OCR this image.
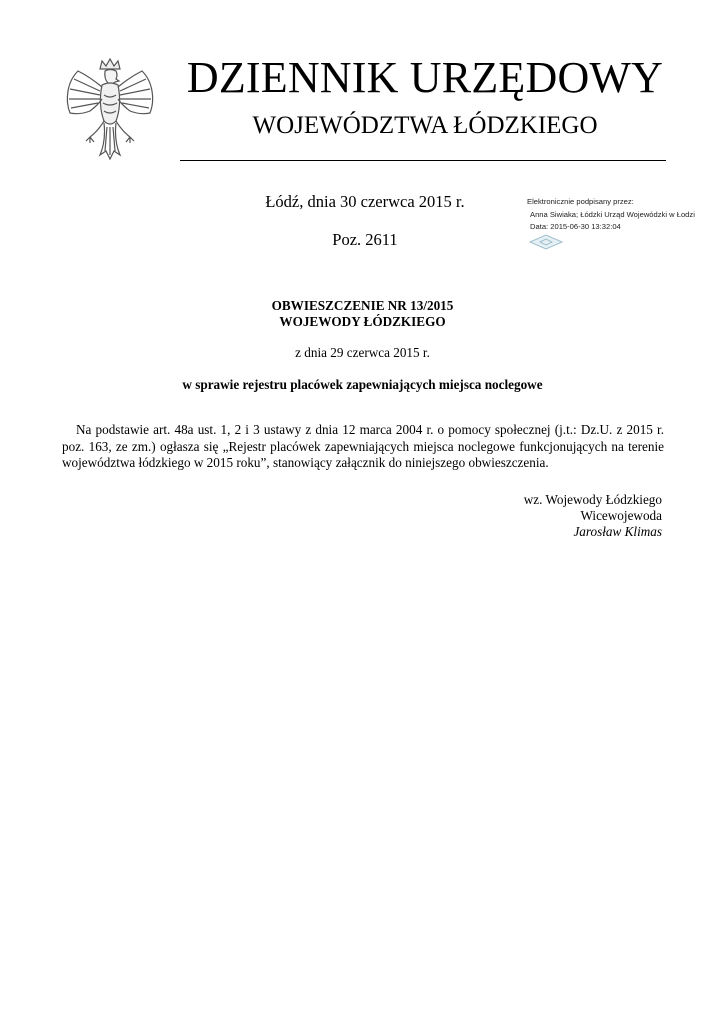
DZIENNIK URZĘDOWY
WOJEWÓDZTWA ŁÓDZKIEGO
Łódź, dnia 30 czerwca 2015 r.
Poz. 2611
Elektronicznie podpisany przez:
Anna Siwiaka; Łódzki Urząd Wojewódzki w Łodzi
Data: 2015-06-30 13:32:04
OBWIESZCZENIE NR 13/2015
WOJEWODY ŁÓDZKIEGO
z dnia 29 czerwca 2015 r.
w sprawie rejestru placówek zapewniających miejsca noclegowe
Na podstawie art. 48a ust. 1, 2 i 3 ustawy z dnia 12 marca 2004 r. o pomocy społecznej (j.t.: Dz.U. z 2015 r. poz. 163, ze zm.) ogłasza się „Rejestr placówek zapewniających miejsca noclegowe funkcjonujących na terenie województwa łódzkiego w 2015 roku”, stanowiący załącznik do niniejszego obwieszczenia.
wz. Wojewody Łódzkiego
Wicewojewoda
Jarosław Klimas
